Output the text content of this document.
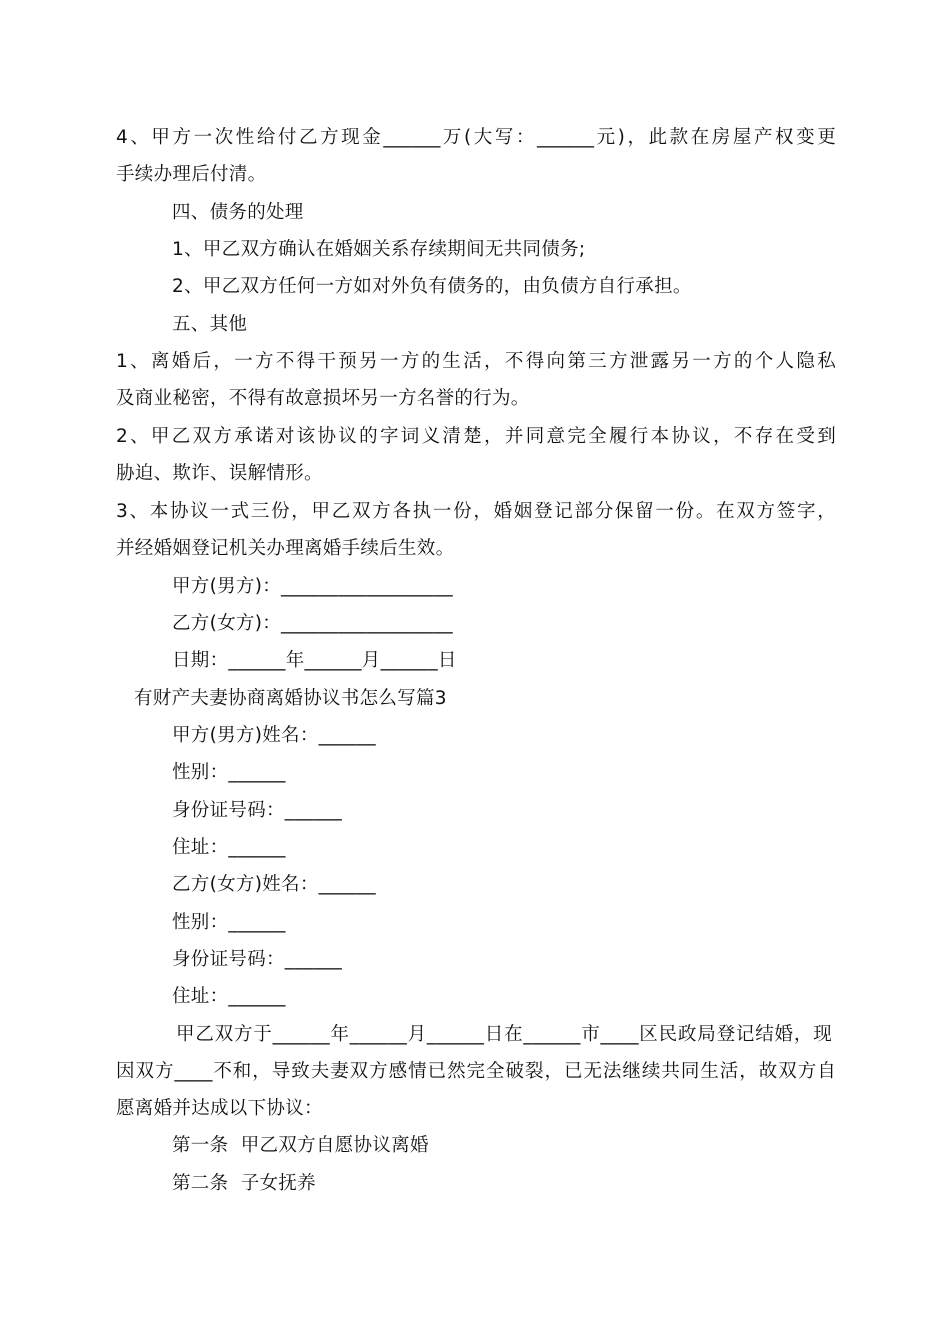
4、甲方一次性给付乙方现金______万(大写：______元)，此款在房屋产权变更
手续办理后付清。
四、债务的处理
1、甲乙双方确认在婚姻关系存续期间无共同债务;
2、甲乙双方任何一方如对外负有债务的，由负债方自行承担。
五、其他
1、离婚后，一方不得干预另一方的生活，不得向第三方泄露另一方的个人隐私
及商业秘密，不得有故意损坏另一方名誉的行为。
2、甲乙双方承诺对该协议的字词义清楚，并同意完全履行本协议，不存在受到
胁迫、欺诈、误解情形。
3、本协议一式三份，甲乙双方各执一份，婚姻登记部分保留一份。在双方签字，
并经婚姻登记机关办理离婚手续后生效。
甲方(男方)：__________________
乙方(女方)：__________________
日期：______年______月______日
有财产夫妻协商离婚协议书怎么写篇3
甲方(男方)姓名：______
性别：______
身份证号码：______
住址：______
乙方(女方)姓名：______
性别：______
身份证号码：______
住址：______
甲乙双方于______年______月______日在______市____区民政局登记结婚，现
因双方____不和，导致夫妻双方感情已然完全破裂，已无法继续共同生活，故双方自
愿离婚并达成以下协议：
第一条  甲乙双方自愿协议离婚
第二条  子女抚养
